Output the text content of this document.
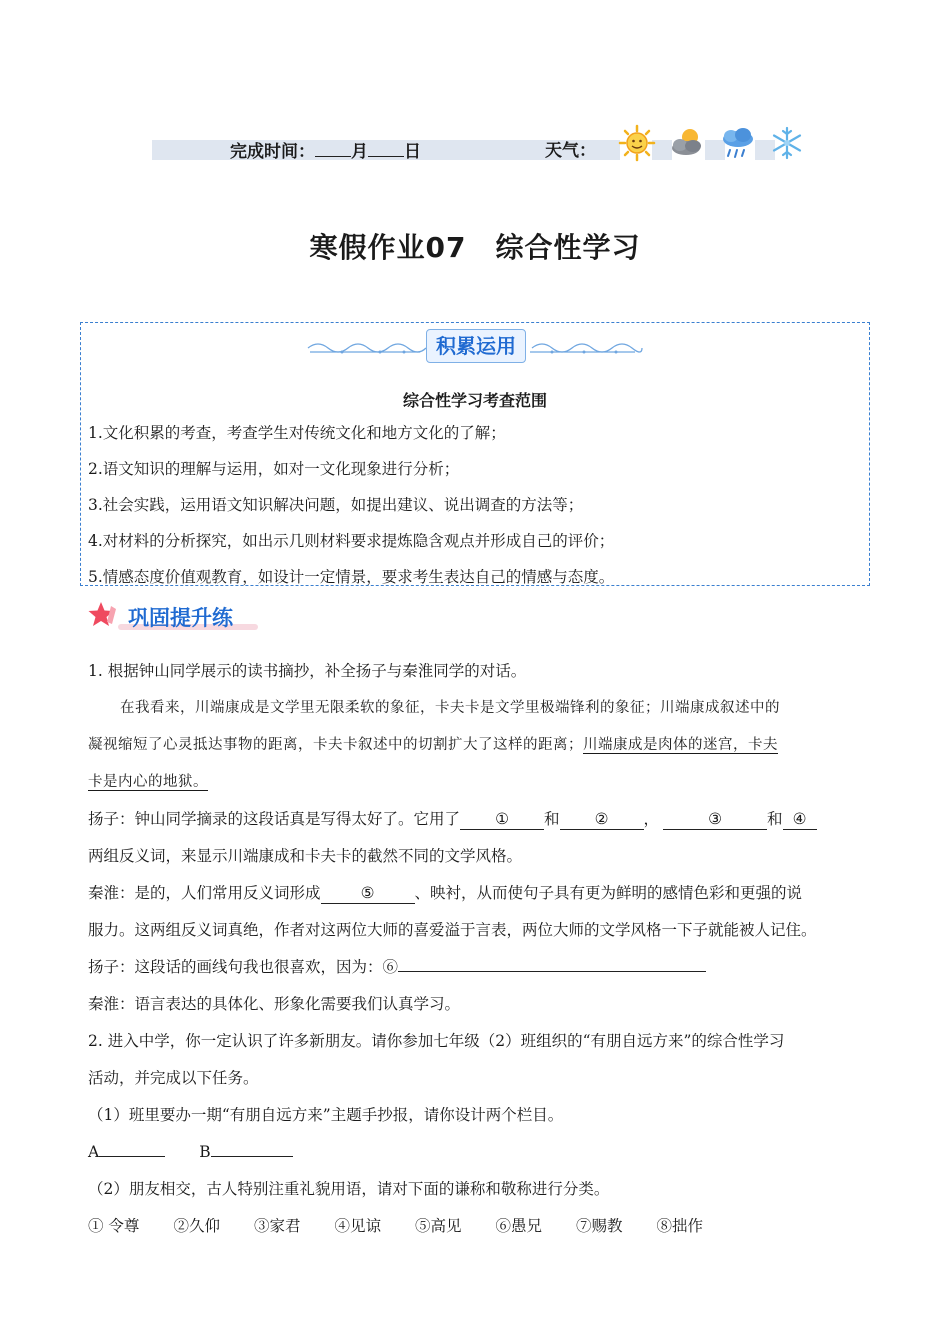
完成时间： 月 日	天气：
寒假作业07　综合性学习
积累运用
综合性学习考查范围
1.文化积累的考查，考查学生对传统文化和地方文化的了解；
2.语文知识的理解与运用，如对一文化现象进行分析；
3.社会实践，运用语文知识解决问题，如提出建议、说出调查的方法等；
4.对材料的分析探究，如出示几则材料要求提炼隐含观点并形成自己的评价；
5.情感态度价值观教育，如设计一定情景，要求考生表达自己的情感与态度。
巩固提升练
1. 根据钟山同学展示的读书摘抄，补全扬子与秦淮同学的对话。
在我看来，川端康成是文学里无限柔软的象征，卡夫卡是文学里极端锋利的象征；川端康成叙述中的
凝视缩短了心灵抵达事物的距离，卡夫卡叙述中的切割扩大了这样的距离；川端康成是肉体的迷宫，卡夫
卡是内心的地狱。
扬子：钟山同学摘录的这段话真是写得太好了。它用了 ① 和 ② ，	③	和 ④
两组反义词，来显示川端康成和卡夫卡的截然不同的文学风格。
秦淮：是的，人们常用反义词形成	⑤	、映衬，从而使句子具有更为鲜明的感情色彩和更强的说
服力。这两组反义词真绝，作者对这两位大师的喜爱溢于言表，两位大师的文学风格一下子就能被人记住。
扬子：这段话的画线句我也很喜欢，因为：⑥
秦淮：语言表达的具体化、形象化需要我们认真学习。
2. 进入中学，你一定认识了许多新朋友。请你参加七年级（2）班组织的“有朋自远方来”的综合性学习
活动，并完成以下任务。
（1）班里要办一期“有朋自远方来”主题手抄报，请你设计两个栏目。
A	B
（2）朋友相交，古人特别注重礼貌用语，请对下面的谦称和敬称进行分类。
① 令尊 ②久仰 ③家君 ④见谅 ⑤高见 ⑥愚兄 ⑦赐教 ⑧拙作
